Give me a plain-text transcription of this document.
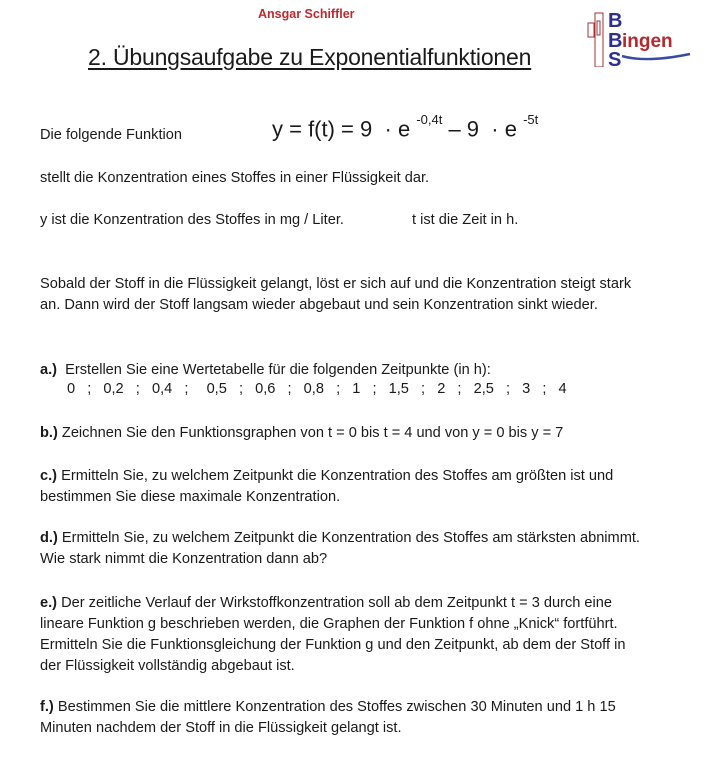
Ansgar Schiffler
2. Übungsaufgabe zu Exponentialfunktionen
B
B
S
ingen
Die folgende Funktion	y = f(t) = 9 · e $^{-0,4t}$ – 9 · e $^{-5t}$
stellt die Konzentration eines Stoffes in einer Flüssigkeit dar.
y ist die Konzentration des Stoffes in mg / Liter.	t ist die Zeit in h.
Sobald der Stoff in die Flüssigkeit gelangt, löst er sich auf und die Konzentration steigt stark
an. Dann wird der Stoff langsam wieder abgebaut und sein Konzentration sinkt wieder.
a.) Erstellen Sie eine Wertetabelle für die folgenden Zeitpunkte (in h):
0  ;  0,2  ;  0,4  ;   0,5  ;  0,6  ;  0,8  ;  1  ;  1,5  ;  2  ;  2,5  ;  3  ;  4
b.) Zeichnen Sie den Funktionsgraphen von t = 0 bis t = 4 und von y = 0 bis y = 7
c.) Ermitteln Sie, zu welchem Zeitpunkt die Konzentration des Stoffes am größten ist und
bestimmen Sie diese maximale Konzentration.
d.) Ermitteln Sie, zu welchem Zeitpunkt die Konzentration des Stoffes am stärksten abnimmt.
Wie stark nimmt die Konzentration dann ab?
e.) Der zeitliche Verlauf der Wirkstoffkonzentration soll ab dem Zeitpunkt t = 3 durch eine
lineare Funktion g beschrieben werden, die Graphen der Funktion f ohne „Knick“ fortführt.
Ermitteln Sie die Funktionsgleichung der Funktion g und den Zeitpunkt, ab dem der Stoff in
der Flüssigkeit vollständig abgebaut ist.
f.) Bestimmen Sie die mittlere Konzentration des Stoffes zwischen 30 Minuten und 1 h 15
Minuten nachdem der Stoff in die Flüssigkeit gelangt ist.
